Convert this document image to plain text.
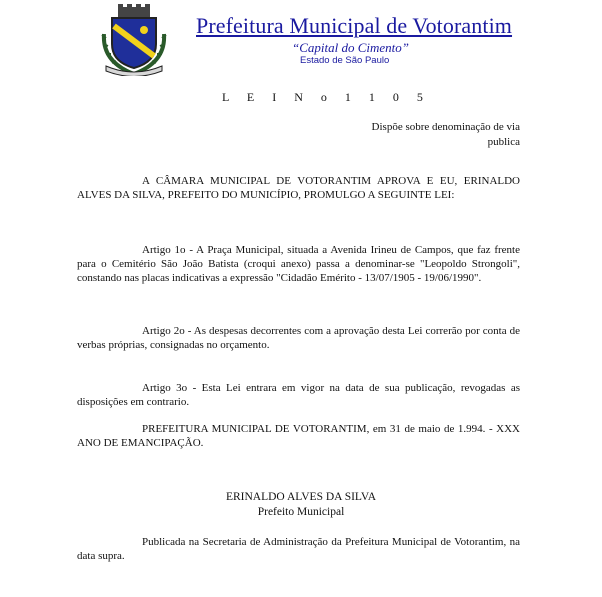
Prefeitura Municipal de Votorantim
“Capital do Cimento”
Estado de São Paulo
L E I N o 1 1 0 5
Dispõe sobre denominação de via publica
A CÂMARA MUNICIPAL DE VOTORANTIM APROVA E EU, ERINALDO ALVES DA SILVA, PREFEITO DO MUNICÍPIO, PROMULGO A SEGUINTE LEI:
Artigo 1o - A Praça Municipal, situada a Avenida Irineu de Campos, que faz frente para o Cemitério São João Batista (croqui anexo) passa a denominar-se "Leopoldo Strongoli", constando nas placas indicativas a expressão "Cidadão Emérito - 13/07/1905 - 19/06/1990".
Artigo 2o - As despesas decorrentes com a aprovação desta Lei correrão por conta de verbas próprias, consignadas no orçamento.
Artigo 3o - Esta Lei entrara em vigor na data de sua publicação, revogadas as disposições em contrario.
PREFEITURA MUNICIPAL DE VOTORANTIM, em 31 de maio de 1.994. - XXX ANO DE EMANCIPAÇÃO.
ERINALDO ALVES DA SILVA
Prefeito Municipal
Publicada na Secretaria de Administração da Prefeitura Municipal de Votorantim, na data supra.
